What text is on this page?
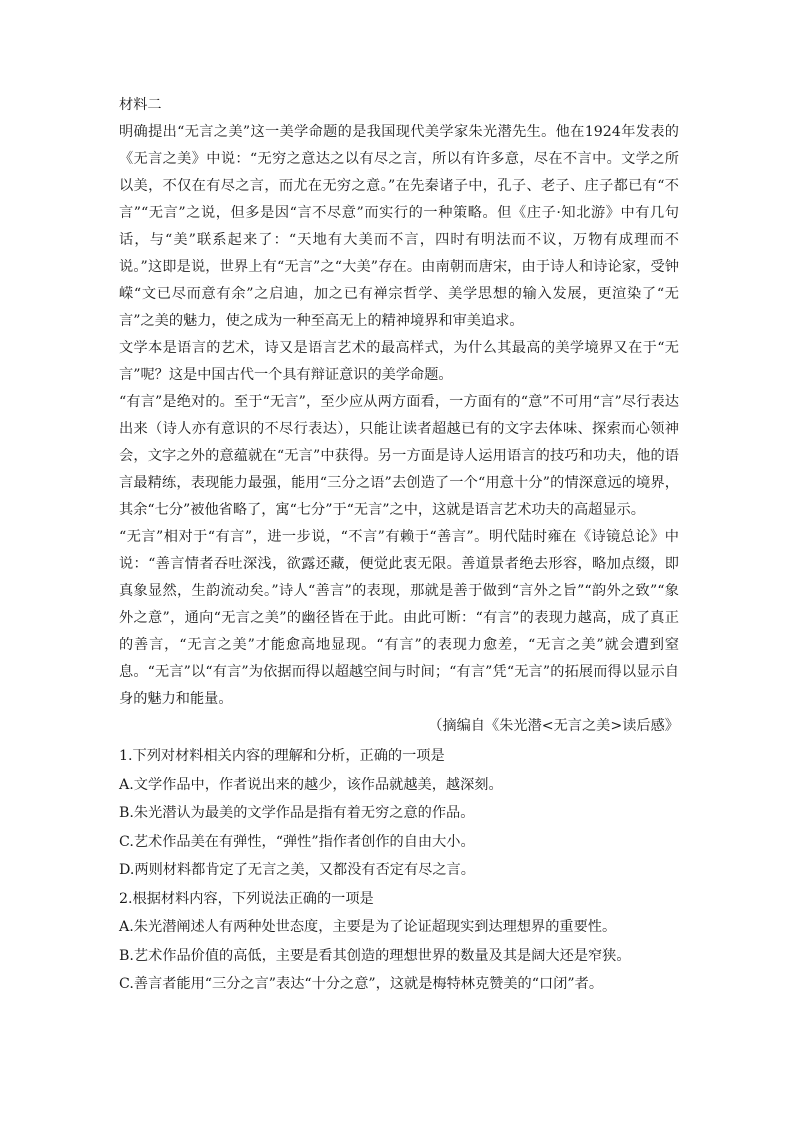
材料二

明确提出“无言之美”这一美学命题的是我国现代美学家朱光潜先生。他在1924年发表的《无言之美》中说：“无穷之意达之以有尽之言，所以有许多意，尽在不言中。文学之所以美，不仅在有尽之言，而尤在无穷之意。”在先秦诸子中，孔子、老子、庄子都已有“不言”“无言”之说，但多是因“言不尽意”而实行的一种策略。但《庄子·知北游》中有几句话，与“美”联系起来了：“天地有大美而不言，四时有明法而不议，万物有成理而不说。”这即是说，世界上有“无言”之“大美”存在。由南朝而唐宋，由于诗人和诗论家，受钟嵘“文已尽而意有余”之启迪，加之已有禅宗哲学、美学思想的输入发展，更渲染了“无言”之美的魅力，使之成为一种至高无上的精神境界和审美追求。

文学本是语言的艺术，诗又是语言艺术的最高样式，为什么其最高的美学境界又在于“无言”呢？这是中国古代一个具有辩证意识的美学命题。

“有言”是绝对的。至于“无言”，至少应从两方面看，一方面有的“意”不可用“言”尽行表达出来（诗人亦有意识的不尽行表达），只能让读者超越已有的文字去体味、探索而心领神会，文字之外的意蕴就在“无言”中获得。另一方面是诗人运用语言的技巧和功夫，他的语言最精练，表现能力最强，能用“三分之语”去创造了一个“用意十分”的情深意远的境界，其余“七分”被他省略了，寓“七分”于“无言”之中，这就是语言艺术功夫的高超显示。

“无言”相对于“有言”，进一步说，“不言”有赖于“善言”。明代陆时雍在《诗镜总论》中说：“善言情者吞吐深浅，欲露还藏，便觉此衷无限。善道景者绝去形容，略加点缀，即真象显然，生韵流动矣。”诗人“善言”的表现，那就是善于做到“言外之旨”“韵外之致”“象外之意”，通向“无言之美”的幽径皆在于此。由此可断：“有言”的表现力越高，成了真正的善言，“无言之美”才能愈高地显现。“有言”的表现力愈差，“无言之美”就会遭到窒息。“无言”以“有言”为依据而得以超越空间与时间；“有言”凭“无言”的拓展而得以显示自身的魅力和能量。

（摘编自《朱光潜<无言之美>读后感》

1.下列对材料相关内容的理解和分析，正确的一项是

A.文学作品中，作者说出来的越少，该作品就越美，越深刻。

B.朱光潜认为最美的文学作品是指有着无穷之意的作品。

C.艺术作品美在有弹性，“弹性”指作者创作的自由大小。

D.两则材料都肯定了无言之美，又都没有否定有尽之言。

2.根据材料内容，下列说法正确的一项是

A.朱光潜阐述人有两种处世态度，主要是为了论证超现实到达理想界的重要性。

B.艺术作品价值的高低，主要是看其创造的理想世界的数量及其是阔大还是窄狭。

C.善言者能用“三分之言”表达“十分之意”，这就是梅特林克赞美的“口闭”者。
